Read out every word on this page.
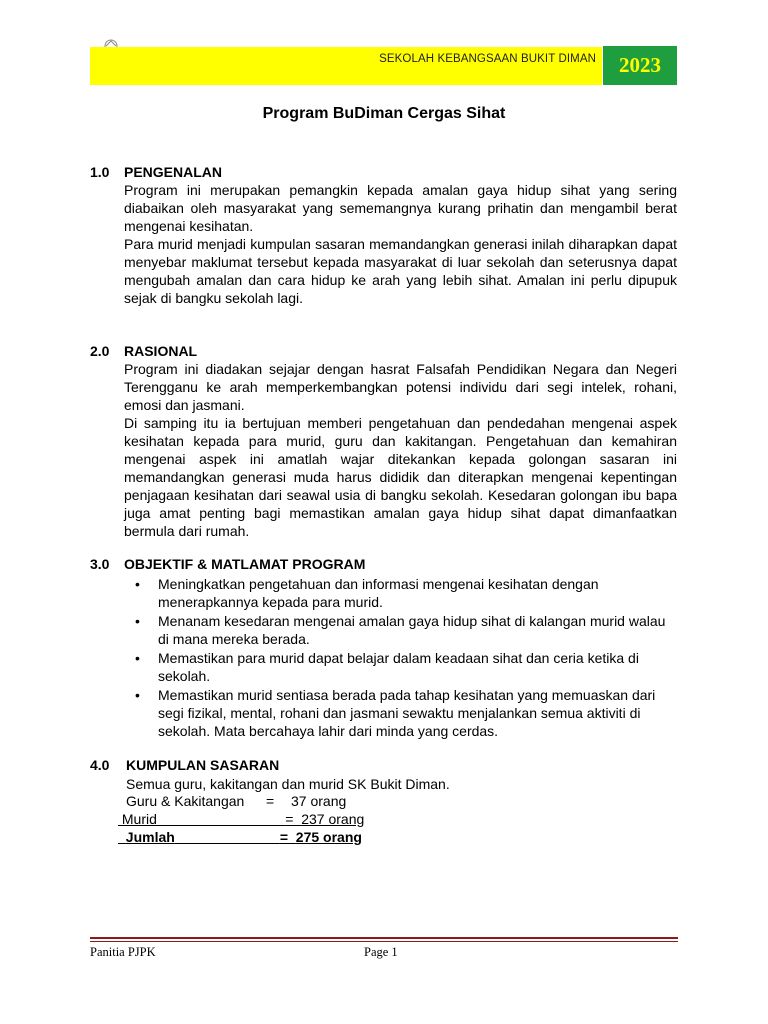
SEKOLAH KEBANGSAAN BUKIT DIMAN	2023
Program BuDiman Cergas Sihat
1.0 PENGENALAN
Program ini merupakan pemangkin kepada amalan gaya hidup sihat yang sering diabaikan oleh masyarakat yang sememangnya kurang prihatin dan mengambil berat mengenai kesihatan.
Para murid menjadi kumpulan sasaran memandangkan generasi inilah diharapkan dapat menyebar maklumat tersebut kepada masyarakat di luar sekolah dan seterusnya dapat mengubah amalan dan cara hidup ke arah yang lebih sihat. Amalan ini perlu dipupuk sejak di bangku sekolah lagi.
2.0 RASIONAL
Program ini diadakan sejajar dengan hasrat Falsafah Pendidikan Negara dan Negeri Terengganu ke arah memperkembangkan potensi individu dari segi intelek, rohani, emosi dan jasmani.
Di samping itu ia bertujuan memberi pengetahuan dan pendedahan mengenai aspek kesihatan kepada para murid, guru dan kakitangan. Pengetahuan dan kemahiran mengenai aspek ini amatlah wajar ditekankan kepada golongan sasaran ini memandangkan generasi muda harus dididik dan diterapkan mengenai kepentingan penjagaan kesihatan dari seawal usia di bangku sekolah. Kesedaran golongan ibu bapa juga amat penting bagi memastikan amalan gaya hidup sihat dapat dimanfaatkan bermula dari rumah.
3.0 OBJEKTIF & MATLAMAT PROGRAM
• Meningkatkan pengetahuan dan informasi mengenai kesihatan dengan menerapkannya kepada para murid.
• Menanam kesedaran mengenai amalan gaya hidup sihat di kalangan murid walau di mana mereka berada.
• Memastikan para murid dapat belajar dalam keadaan sihat dan ceria ketika di sekolah.
• Memastikan murid sentiasa berada pada tahap kesihatan yang memuaskan dari segi fizikal, mental, rohani dan jasmani sewaktu menjalankan semua aktiviti di sekolah. Mata bercahaya lahir dari minda yang cerdas.
4.0 KUMPULAN SASARAN
Semua guru, kakitangan dan murid SK Bukit Diman.
Guru & Kakitangan = 37 orang
Murid	= 237 orang
Jumlah	= 275 orang
Panitia PJPK	Page 1
